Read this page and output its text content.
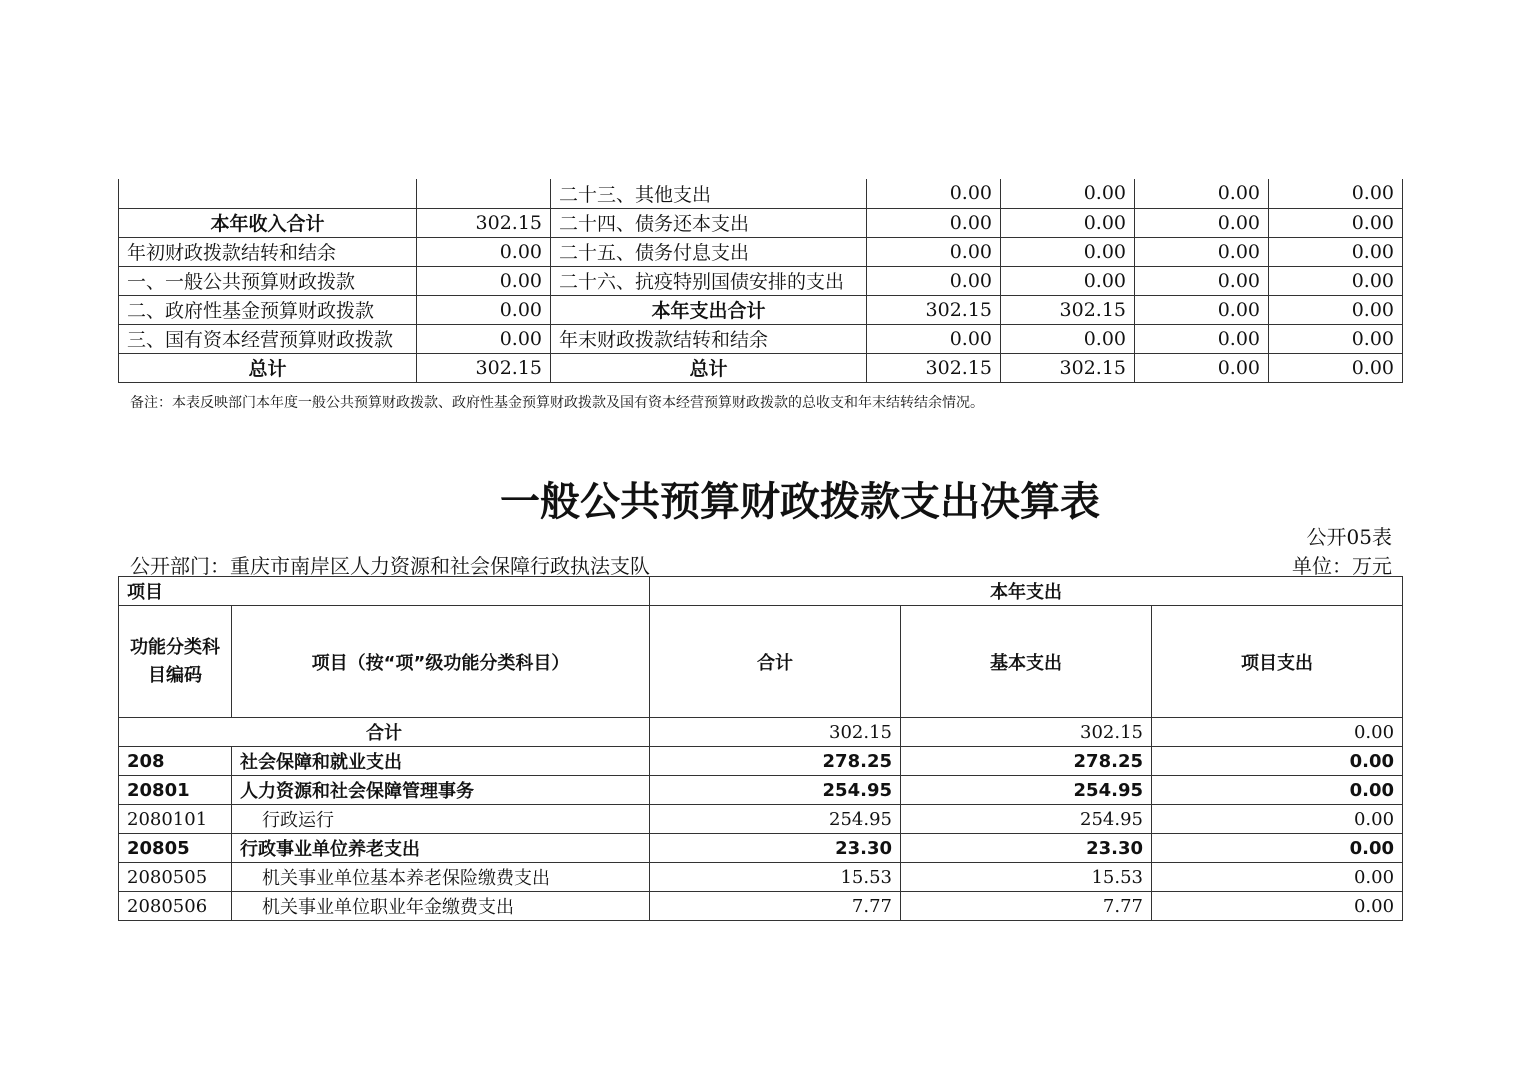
		二十三、其他支出	0.00	0.00	0.00	0.00
本年收入合计	302.15	二十四、债务还本支出	0.00	0.00	0.00	0.00
年初财政拨款结转和结余	0.00	二十五、债务付息支出	0.00	0.00	0.00	0.00
一、一般公共预算财政拨款	0.00	二十六、抗疫特别国债安排的支出	0.00	0.00	0.00	0.00
二、政府性基金预算财政拨款	0.00	本年支出合计	302.15	302.15	0.00	0.00
三、国有资本经营预算财政拨款	0.00	年末财政拨款结转和结余	0.00	0.00	0.00	0.00
总计	302.15	总计	302.15	302.15	0.00	0.00
备注：本表反映部门本年度一般公共预算财政拨款、政府性基金预算财政拨款及国有资本经营预算财政拨款的总收支和年末结转结余情况。
一般公共预算财政拨款支出决算表
公开05表
公开部门：重庆市南岸区人力资源和社会保障行政执法支队	单位：万元
项目		本年支出		
功能分类科目编码	项目（按“项”级功能分类科目）	合计	基本支出	项目支出
合计		302.15	302.15	0.00
208	社会保障和就业支出	278.25	278.25	0.00
20801	人力资源和社会保障管理事务	254.95	254.95	0.00
2080101	行政运行	254.95	254.95	0.00
20805	行政事业单位养老支出	23.30	23.30	0.00
2080505	机关事业单位基本养老保险缴费支出	15.53	15.53	0.00
2080506	机关事业单位职业年金缴费支出	7.77	7.77	0.00
